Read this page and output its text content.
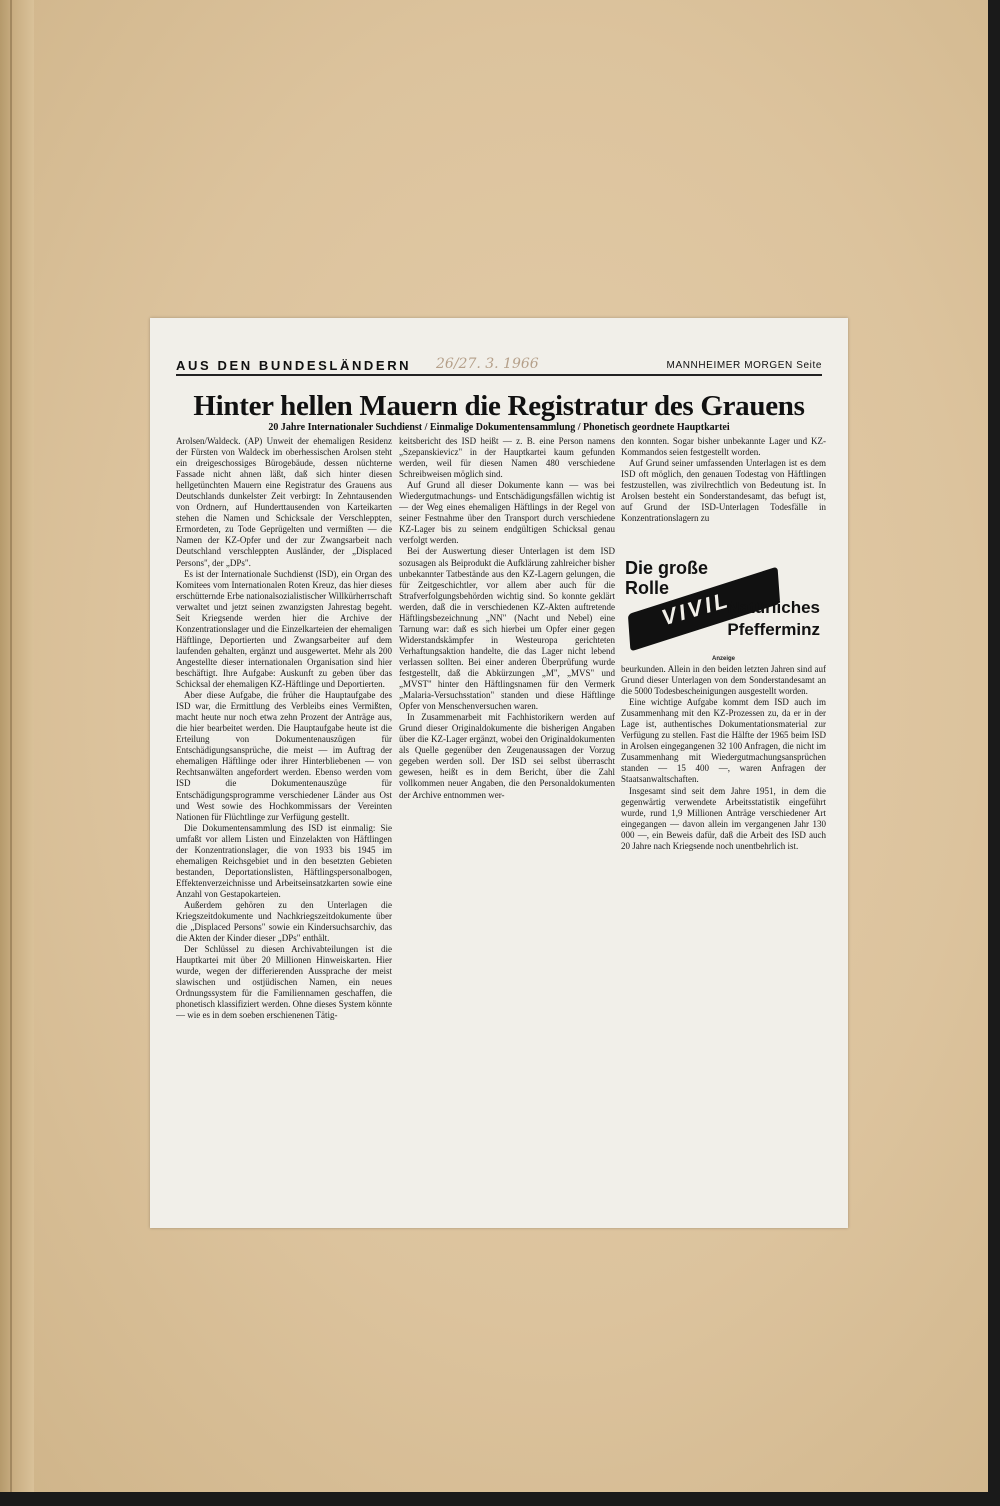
AUS DEN BUNDESLÄNDERN 26/27. 3. 1966	MANNHEIMER MORGEN Seite
Hinter hellen Mauern die Registratur des Grauens
20 Jahre Internationaler Suchdienst / Einmalige Dokumentensammlung / Phonetisch geordnete Hauptkartei

Arolsen/Waldeck. (AP) Unweit der ehemaligen Residenz der Fürsten von Waldeck im oberhessischen Arolsen steht ein dreigeschossiges Bürogebäude, dessen nüchterne Fassade nicht ahnen läßt, daß sich hinter diesen hellgetünchten Mauern eine Registratur des Grauens aus Deutschlands dunkelster Zeit verbirgt: In Zehntausenden von Ordnern, auf Hunderttausenden von Karteikarten stehen die Namen und Schicksale der Verschleppten, Ermordeten, zu Tode Geprügelten und vermißten — die Namen der KZ-Opfer und der zur Zwangsarbeit nach Deutschland verschleppten Ausländer, der „Displaced Persons", der „DPs".

Es ist der Internationale Suchdienst (ISD), ein Organ des Komitees vom Internationalen Roten Kreuz, das hier dieses erschütternde Erbe nationalsozialistischer Willkürherrschaft verwaltet und jetzt seinen zwanzigsten Jahrestag begeht. Seit Kriegsende werden hier die Archive der Konzentrationslager und die Einzelkarteien der ehemaligen Häftlinge, Deportierten und Zwangsarbeiter auf dem laufenden gehalten, ergänzt und ausgewertet. Mehr als 200 Angestellte dieser internationalen Organisation sind hier beschäftigt. Ihre Aufgabe: Auskunft zu geben über das Schicksal der ehemaligen KZ-Häftlinge und Deportierten.

Aber diese Aufgabe, die früher die Hauptaufgabe des ISD war, die Ermittlung des Verbleibs eines Vermißten, macht heute nur noch etwa zehn Prozent der Anträge aus, die hier bearbeitet werden. Die Hauptaufgabe heute ist die Erteilung von Dokumentenauszügen für Entschädigungsansprüche, die meist — im Auftrag der ehemaligen Häftlinge oder ihrer Hinterbliebenen — von Rechtsanwälten angefordert werden. Ebenso werden vom ISD die Dokumentenauszüge für Entschädigungsprogramme verschiedener Länder aus Ost und West sowie des Hochkommissars der Vereinten Nationen für Flüchtlinge zur Verfügung gestellt.

Die Dokumentensammlung des ISD ist einmalig: Sie umfaßt vor allem Listen und Einzelakten von Häftlingen der Konzentrationslager, die von 1933 bis 1945 im ehemaligen Reichsgebiet und in den besetzten Gebieten bestanden, Deportationslisten, Häftlingspersonalbogen, Effektenverzeichnisse und Arbeitseinsatzkarten sowie eine Anzahl von Gestapokarteien.

Außerdem gehören zu den Unterlagen die Kriegszeitdokumente und Nachkriegszeitdokumente über die „Displaced Persons" sowie ein Kindersuchsarchiv, das die Akten der Kinder dieser „DPs" enthält.

Der Schlüssel zu diesen Archivabteilungen ist die Hauptkartei mit über 20 Millionen Hinweiskarten. Hier wurde, wegen der differierenden Aussprache der meist slawischen und ostjüdischen Namen, ein neues Ordnungssystem für die Familiennamen geschaffen, die phonetisch klassifiziert werden. Ohne dieses System könnte — wie es in dem soeben erschienenen Tätig-

keitsbericht des ISD heißt — z. B. eine Person namens „Szepanskievicz" in der Hauptkartei kaum gefunden werden, weil für diesen Namen 480 verschiedene Schreibweisen möglich sind.

Auf Grund all dieser Dokumente kann — was bei Wiedergutmachungs- und Entschädigungsfällen wichtig ist — der Weg eines ehemaligen Häftlings in der Regel von seiner Festnahme über den Transport durch verschiedene KZ-Lager bis zu seinem endgültigen Schicksal genau verfolgt werden.

Bei der Auswertung dieser Unterlagen ist dem ISD sozusagen als Beiprodukt die Aufklärung zahlreicher bisher unbekannter Tatbestände aus den KZ-Lagern gelungen, die für Zeitgeschichtler, vor allem aber auch für die Strafverfolgungsbehörden wichtig sind. So konnte geklärt werden, daß die in verschiedenen KZ-Akten auftretende Häftlingsbezeichnung „NN" (Nacht und Nebel) eine Tarnung war: daß es sich hierbei um Opfer einer gegen Widerstandskämpfer in Westeuropa gerichteten Verhaftungsaktion handelte, die das Lager nicht lebend verlassen sollten. Bei einer anderen Überprüfung wurde festgestellt, daß die Abkürzungen „M", „MVS" und „MVST" hinter den Häftlingsnamen für den Vermerk „Malaria-Versuchsstation" standen und diese Häftlinge Opfer von Menschenversuchen waren.

In Zusammenarbeit mit Fachhistorikern werden auf Grund dieser Originaldokumente die bisherigen Angaben über die KZ-Lager ergänzt, wobei den Originaldokumenten als Quelle gegenüber den Zeugenaussagen der Vorzug gegeben werden soll. Der ISD sei selbst überrascht gewesen, heißt es in dem Bericht, über die Zahl vollkommen neuer Angaben, die den Personaldokumenten der Archive entnommen wer-

den konnten. Sogar bisher unbekannte Lager und KZ-Kommandos seien festgestellt worden.

Auf Grund seiner umfassenden Unterlagen ist es dem ISD oft möglich, den genauen Todestag von Häftlingen festzustellen, was zivilrechtlich von Bedeutung ist. In Arolsen besteht ein Sonderstandesamt, das befugt ist, auf Grund der ISD-Unterlagen Todesfälle in Konzentrationslagern zu

Die große
Rolle
VIVIL
Natürliches
Pfefferminz
Anzeige

beurkunden. Allein in den beiden letzten Jahren sind auf Grund dieser Unterlagen von dem Sonderstandesamt an die 5000 Todesbescheinigungen ausgestellt worden.

Eine wichtige Aufgabe kommt dem ISD auch im Zusammenhang mit den KZ-Prozessen zu, da er in der Lage ist, authentisches Dokumentationsmaterial zur Verfügung zu stellen. Fast die Hälfte der 1965 beim ISD in Arolsen eingegangenen 32 100 Anfragen, die nicht im Zusammenhang mit Wiedergutmachungsansprüchen standen — 15 400 —, waren Anfragen der Staatsanwaltschaften.

Insgesamt sind seit dem Jahre 1951, in dem die gegenwärtig verwendete Arbeitsstatistik eingeführt wurde, rund 1,9 Millionen Anträge verschiedener Art eingegangen — davon allein im vergangenen Jahr 130 000 —, ein Beweis dafür, daß die Arbeit des ISD auch 20 Jahre nach Kriegsende noch unentbehrlich ist.
